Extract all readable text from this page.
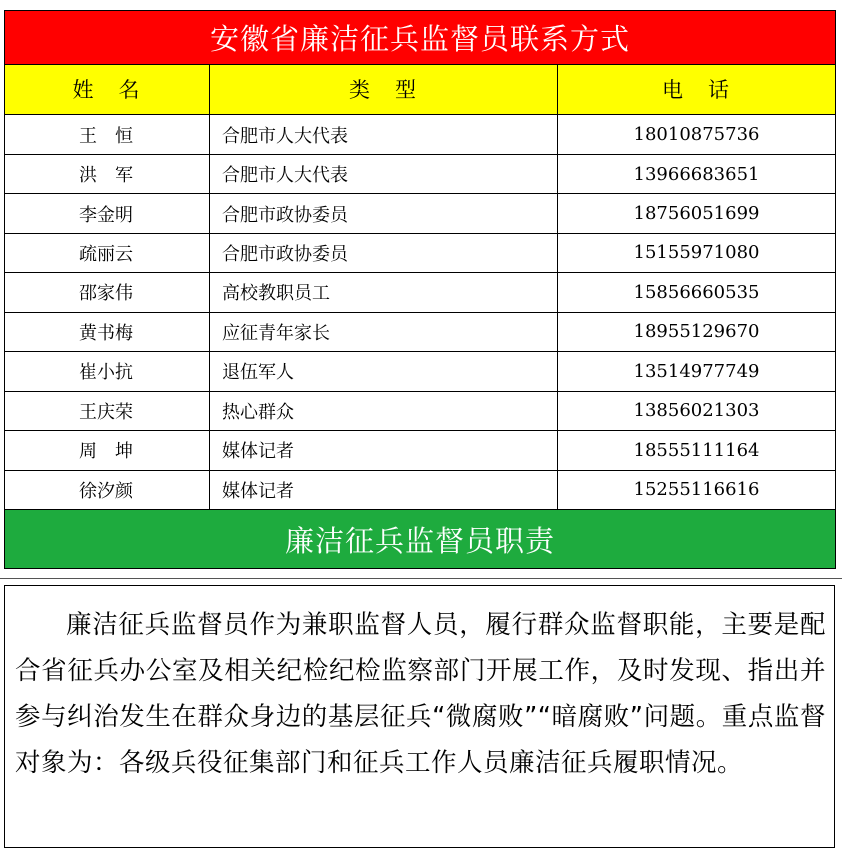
安徽省廉洁征兵监督员联系方式		
姓　名	类　型	电　话
王　恒	合肥市人大代表	18010875736
洪　军	合肥市人大代表	13966683651
李金明	合肥市政协委员	18756051699
疏丽云	合肥市政协委员	15155971080
邵家伟	高校教职员工	15856660535
黄书梅	应征青年家长	18955129670
崔小抗	退伍军人	13514977749
王庆荣	热心群众	13856021303
周　坤	媒体记者	18555111164
徐汐颜	媒体记者	15255116616
廉洁征兵监督员职责		

廉洁征兵监督员作为兼职监督人员，履行群众监督职能，主要是配合省征兵办公室及相关纪检纪检监察部门开展工作，及时发现、指出并参与纠治发生在群众身边的基层征兵“微腐败”“暗腐败”问题。重点监督对象为：各级兵役征集部门和征兵工作人员廉洁征兵履职情况。
